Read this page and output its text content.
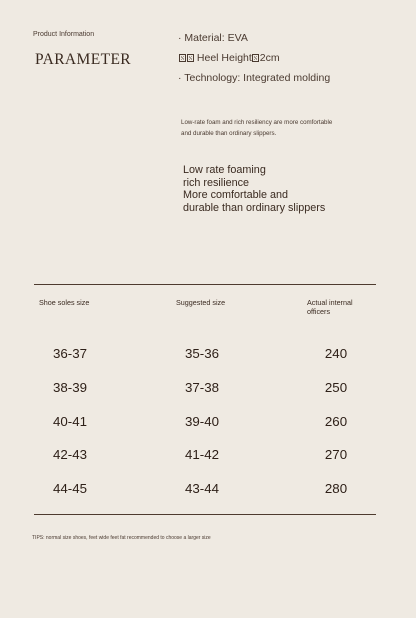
Product Information
PARAMETER
· Material: EVA
Heel Height 2cm
· Technology: Integrated molding
Low-rate foam and rich resiliency are more comfortable and durable than ordinary slippers.
Low rate foaming
rich resilience
More comfortable and
durable than ordinary slippers
Shoe soles size	Suggested size	Actual internal officers
36-37	35-36	240
38-39	37-38	250
40-41	39-40	260
42-43	41-42	270
44-45	43-44	280
TIPS: normal size shoes, feet wide feet fat recommended to choose a larger size
